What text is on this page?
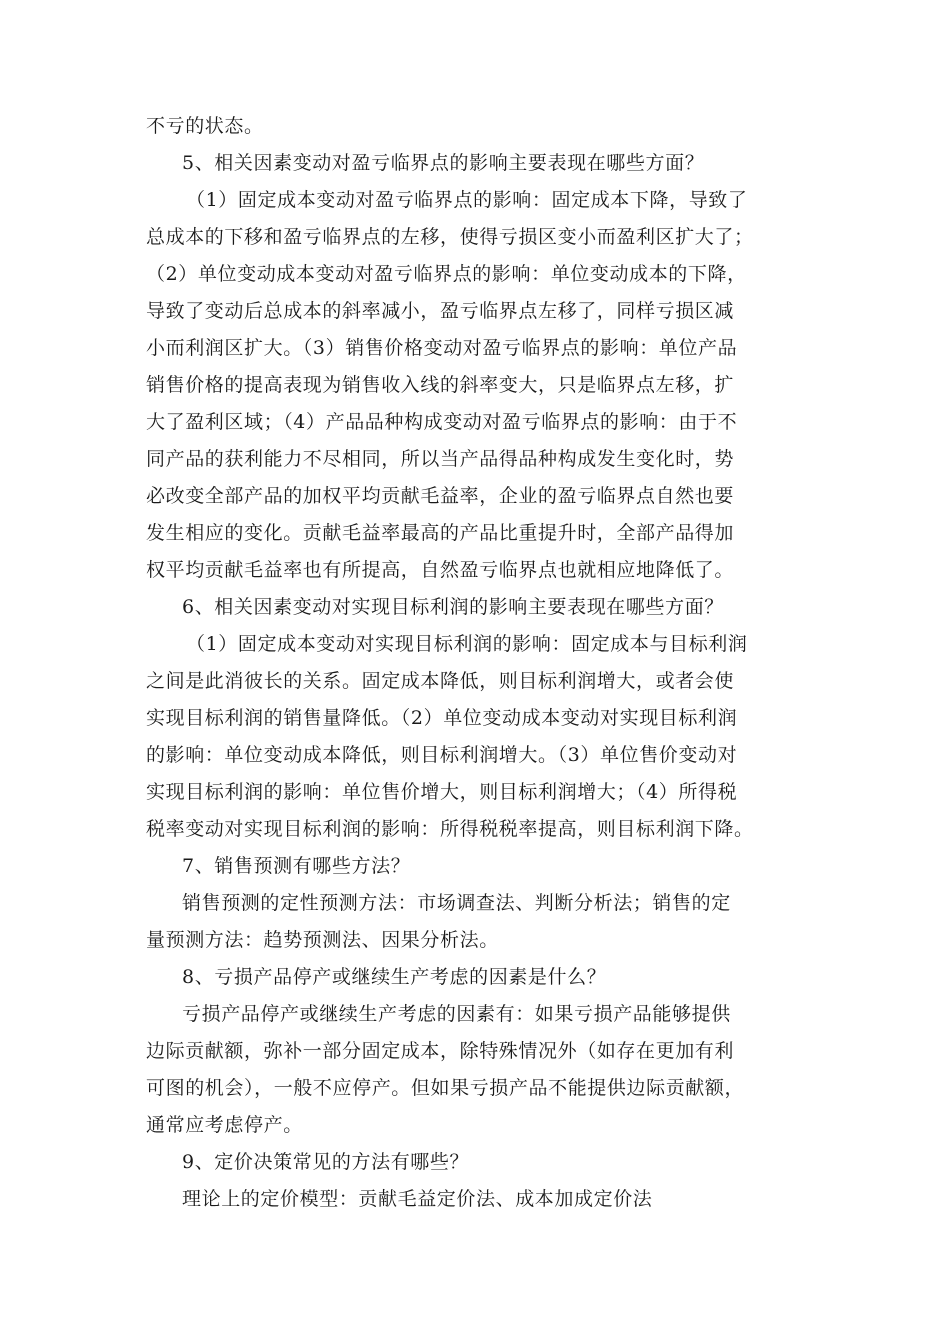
不亏的状态。
5、相关因素变动对盈亏临界点的影响主要表现在哪些方面？
（1）固定成本变动对盈亏临界点的影响：固定成本下降，导致了
总成本的下移和盈亏临界点的左移，使得亏损区变小而盈利区扩大了；
（2）单位变动成本变动对盈亏临界点的影响：单位变动成本的下降，
导致了变动后总成本的斜率减小，盈亏临界点左移了，同样亏损区减
小而利润区扩大。（3）销售价格变动对盈亏临界点的影响：单位产品
销售价格的提高表现为销售收入线的斜率变大，只是临界点左移，扩
大了盈利区域；（4）产品品种构成变动对盈亏临界点的影响：由于不
同产品的获利能力不尽相同，所以当产品得品种构成发生变化时，势
必改变全部产品的加权平均贡献毛益率，企业的盈亏临界点自然也要
发生相应的变化。贡献毛益率最高的产品比重提升时，全部产品得加
权平均贡献毛益率也有所提高，自然盈亏临界点也就相应地降低了。
6、相关因素变动对实现目标利润的影响主要表现在哪些方面？
（1）固定成本变动对实现目标利润的影响：固定成本与目标利润
之间是此消彼长的关系。固定成本降低，则目标利润增大，或者会使
实现目标利润的销售量降低。（2）单位变动成本变动对实现目标利润
的影响：单位变动成本降低，则目标利润增大。（3）单位售价变动对
实现目标利润的影响：单位售价增大，则目标利润增大；（4）所得税
税率变动对实现目标利润的影响：所得税税率提高，则目标利润下降。
7、销售预测有哪些方法？
销售预测的定性预测方法：市场调查法、判断分析法；销售的定
量预测方法：趋势预测法、因果分析法。
8、亏损产品停产或继续生产考虑的因素是什么？
亏损产品停产或继续生产考虑的因素有：如果亏损产品能够提供
边际贡献额，弥补一部分固定成本，除特殊情况外（如存在更加有利
可图的机会），一般不应停产。但如果亏损产品不能提供边际贡献额，
通常应考虑停产。
9、定价决策常见的方法有哪些？
理论上的定价模型：贡献毛益定价法、成本加成定价法
